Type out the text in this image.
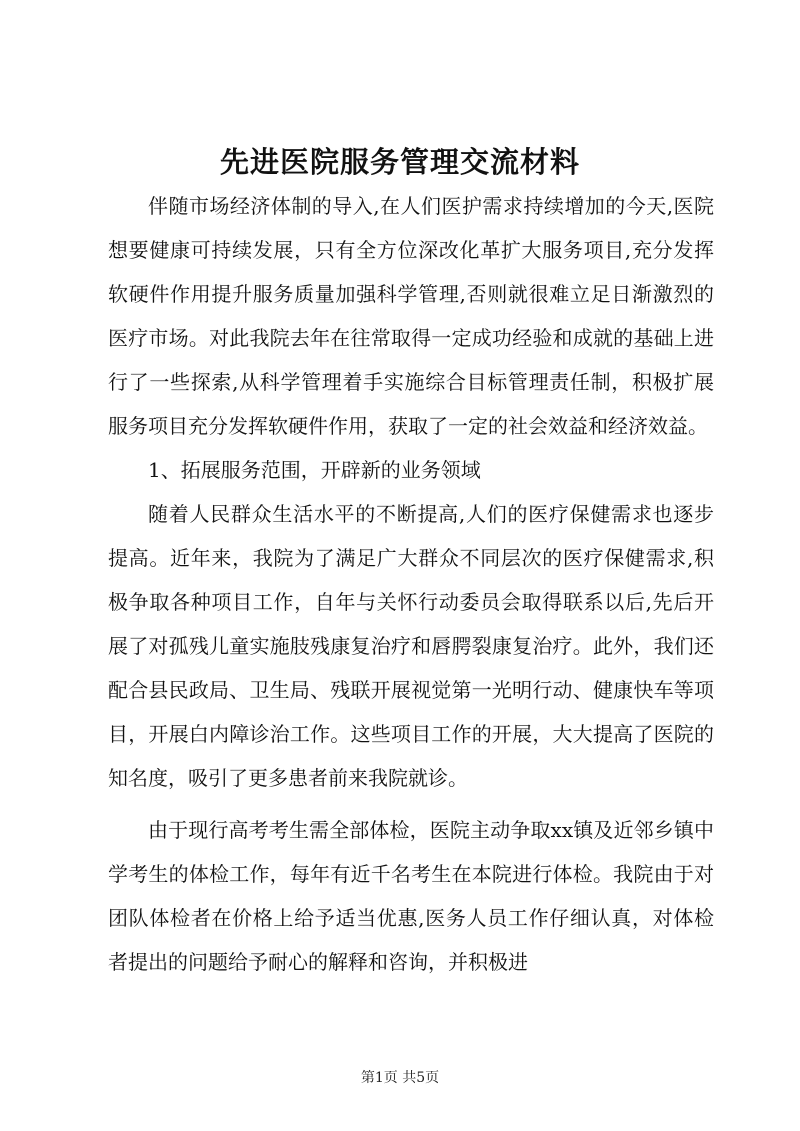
先进医院服务管理交流材料

伴随市场经济体制的导入,在人们医护需求持续增加的今天,医院想要健康可持续发展，只有全方位深改化革扩大服务项目,充分发挥软硬件作用提升服务质量加强科学管理,否则就很难立足日渐激烈的医疗市场。对此我院去年在往常取得一定成功经验和成就的基础上进行了一些探索,从科学管理着手实施综合目标管理责任制，积极扩展服务项目充分发挥软硬件作用，获取了一定的社会效益和经济效益。

1、拓展服务范围，开辟新的业务领域

随着人民群众生活水平的不断提高,人们的医疗保健需求也逐步提高。近年来，我院为了满足广大群众不同层次的医疗保健需求,积极争取各种项目工作，自年与关怀行动委员会取得联系以后,先后开展了对孤残儿童实施肢残康复治疗和唇腭裂康复治疗。此外，我们还配合县民政局、卫生局、残联开展视觉第一光明行动、健康快车等项目，开展白内障诊治工作。这些项目工作的开展，大大提高了医院的知名度，吸引了更多患者前来我院就诊。

由于现行高考考生需全部体检，医院主动争取xx镇及近邻乡镇中学考生的体检工作，每年有近千名考生在本院进行体检。我院由于对团队体检者在价格上给予适当优惠,医务人员工作仔细认真，对体检者提出的问题给予耐心的解释和咨询，并积极进

第1页 共5页
